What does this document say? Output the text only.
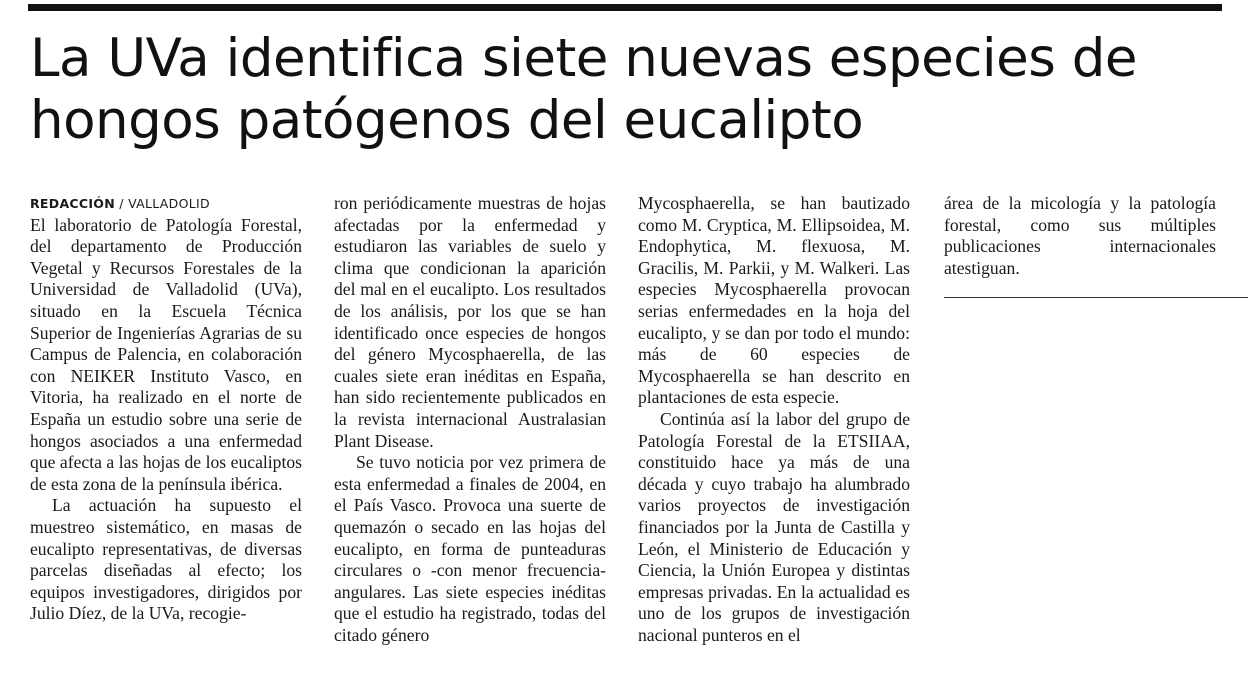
La UVa identifica siete nuevas especies de hongos patógenos del eucalipto
REDACCIÓN / VALLADOLID

El laboratorio de Patología Forestal, del departamento de Producción Vegetal y Recursos Forestales de la Universidad de Valladolid (UVa), situado en la Escuela Técnica Superior de Ingenierías Agrarias de su Campus de Palencia, en colaboración con NEIKER Instituto Vasco, en Vitoria, ha realizado en el norte de España un estudio sobre una serie de hongos asociados a una enfermedad que afecta a las hojas de los eucaliptos de esta zona de la península ibérica.

La actuación ha supuesto el muestreo sistemático, en masas de eucalipto representativas, de diversas parcelas diseñadas al efecto; los equipos investigadores, dirigidos por Julio Díez, de la UVa, recogie-

ron periódicamente muestras de hojas afectadas por la enfermedad y estudiaron las variables de suelo y clima que condicionan la aparición del mal en el eucalipto. Los resultados de los análisis, por los que se han identificado once especies de hongos del género Mycosphaerella, de las cuales siete eran inéditas en España, han sido recientemente publicados en la revista internacional Australasian Plant Disease.

Se tuvo noticia por vez primera de esta enfermedad a finales de 2004, en el País Vasco. Provoca una suerte de quemazón o secado en las hojas del eucalipto, en forma de punteaduras circulares o -con menor frecuencia- angulares. Las siete especies inéditas que el estudio ha registrado, todas del citado género

Mycosphaerella, se han bautizado como M. Cryptica, M. Ellipsoidea, M. Endophytica, M. flexuosa, M. Gracilis, M. Parkii, y M. Walkeri. Las especies Mycosphaerella provocan serias enfermedades en la hoja del eucalipto, y se dan por todo el mundo: más de 60 especies de Mycosphaerella se han descrito en plantaciones de esta especie.

Continúa así la labor del grupo de Patología Forestal de la ETSIIAA, constituido hace ya más de una década y cuyo trabajo ha alumbrado varios proyectos de investigación financiados por la Junta de Castilla y León, el Ministerio de Educación y Ciencia, la Unión Europea y distintas empresas privadas. En la actualidad es uno de los grupos de investigación nacional punteros en el

área de la micología y la patología forestal, como sus múltiples publicaciones internacionales atestiguan.
